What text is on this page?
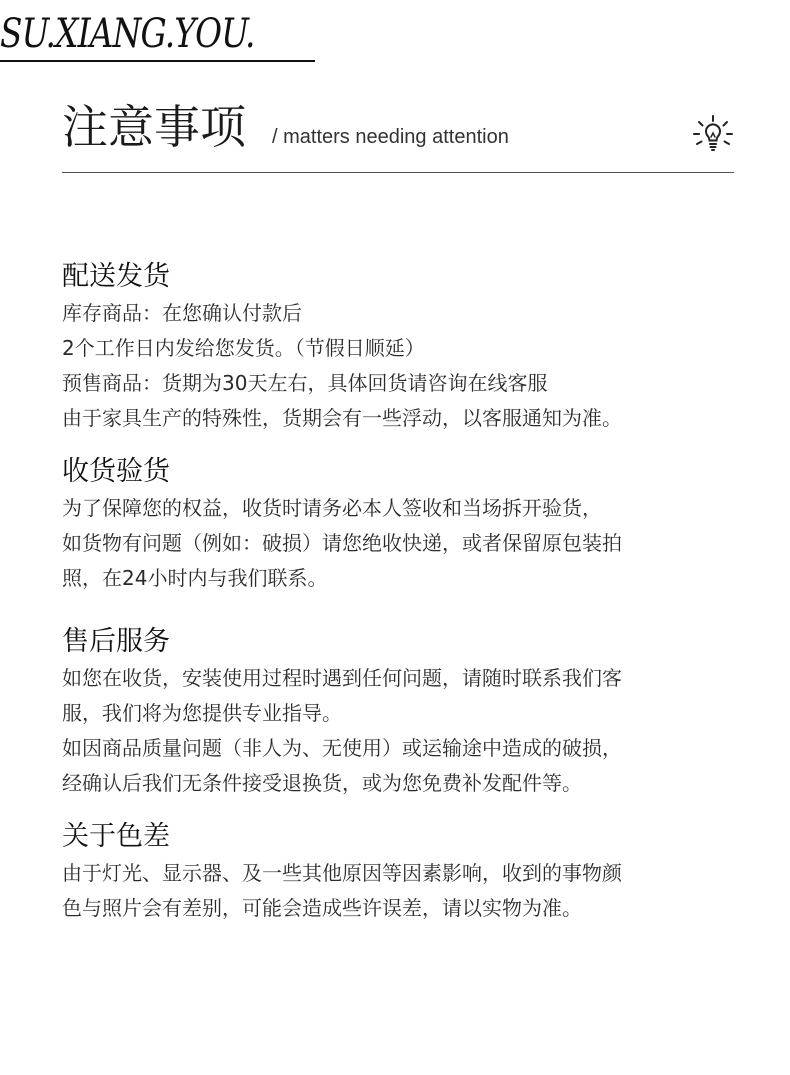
SU.XIANG.YOU.
注意事项 / matters needing attention
配送发货
库存商品：在您确认付款后
2个工作日内发给您发货。（节假日顺延）
预售商品：货期为30天左右，具体回货请咨询在线客服
由于家具生产的特殊性，货期会有一些浮动，以客服通知为准。
收货验货
为了保障您的权益，收货时请务必本人签收和当场拆开验货，
如货物有问题（例如：破损）请您绝收快递，或者保留原包装拍
照，在24小时内与我们联系。
售后服务
如您在收货，安装使用过程时遇到任何问题，请随时联系我们客
服，我们将为您提供专业指导。
如因商品质量问题（非人为、无使用）或运输途中造成的破损，
经确认后我们无条件接受退换货，或为您免费补发配件等。
关于色差
由于灯光、显示器、及一些其他原因等因素影响，收到的事物颜
色与照片会有差别，可能会造成些许误差，请以实物为准。
